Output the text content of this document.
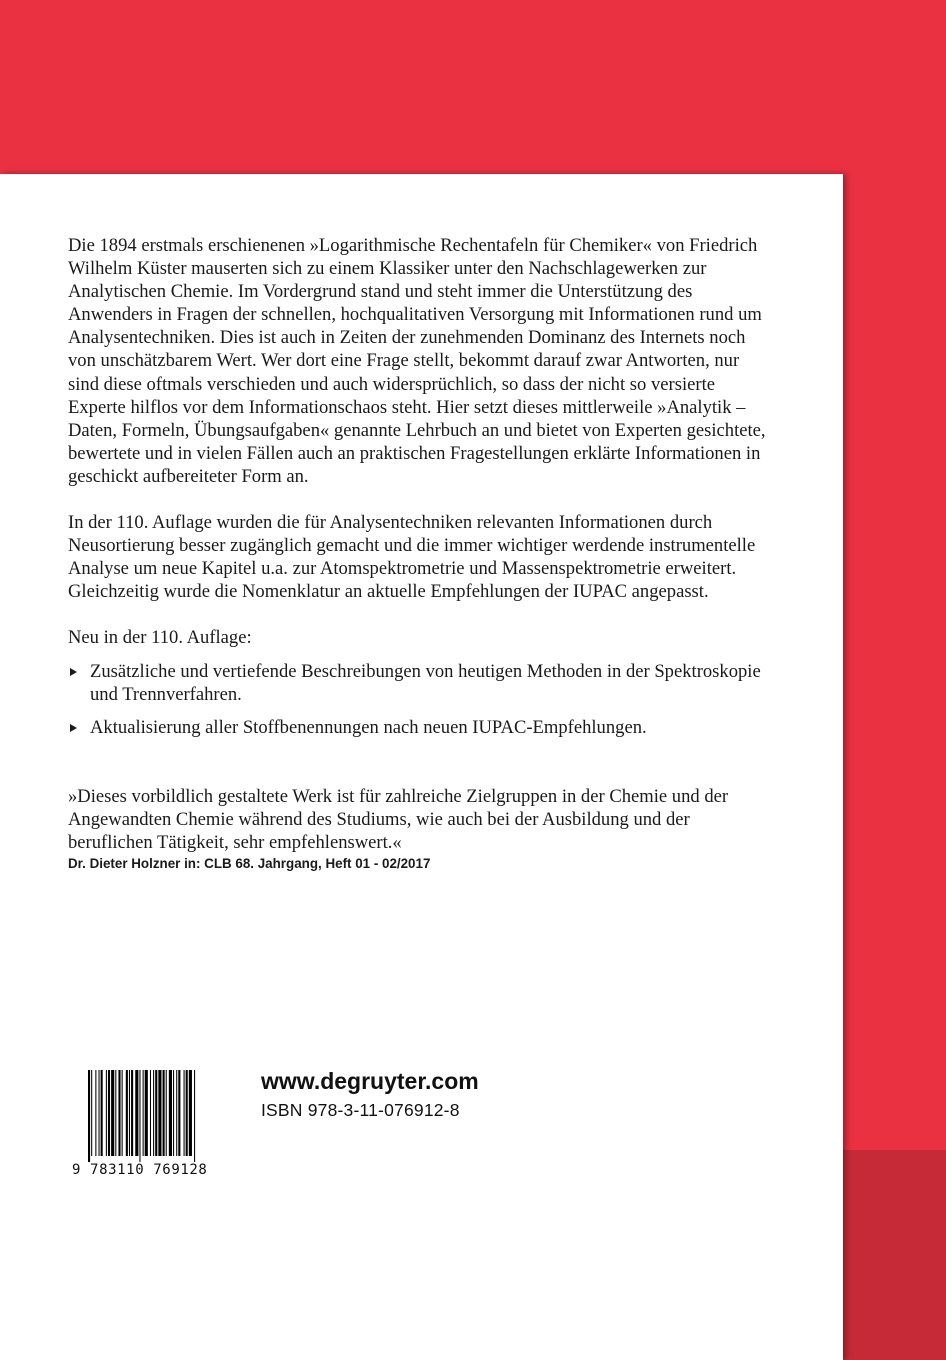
Die 1894 erstmals erschienenen »Logarithmische Rechentafeln für Chemiker« von Friedrich Wilhelm Küster mauserten sich zu einem Klassiker unter den Nachschlagewerken zur Analytischen Chemie. Im Vordergrund stand und steht immer die Unterstützung des Anwenders in Fragen der schnellen, hochqualitativen Versorgung mit Informationen rund um Analysentechniken. Dies ist auch in Zeiten der zunehmenden Dominanz des Internets noch von unschätzbarem Wert. Wer dort eine Frage stellt, bekommt darauf zwar Antworten, nur sind diese oftmals verschieden und auch widersprüchlich, so dass der nicht so versierte Experte hilflos vor dem Informationschaos steht. Hier setzt dieses mittlerweile »Analytik – Daten, Formeln, Übungsaufgaben« genannte Lehrbuch an und bietet von Experten gesichtete, bewertete und in vielen Fällen auch an praktischen Fragestellungen erklärte Informationen in geschickt aufbereiteter Form an.

In der 110. Auflage wurden die für Analysentechniken relevanten Informationen durch Neusortierung besser zugänglich gemacht und die immer wichtiger werdende instrumentelle Analyse um neue Kapitel u.a. zur Atomspektrometrie und Massenspektrometrie erweitert. Gleichzeitig wurde die Nomenklatur an aktuelle Empfehlungen der IUPAC angepasst.

Neu in der 110. Auflage:

Zusätzliche und vertiefende Beschreibungen von heutigen Methoden in der Spektroskopie und Trennverfahren.
Aktualisierung aller Stoffbenennungen nach neuen IUPAC-Empfehlungen.

»Dieses vorbildlich gestaltete Werk ist für zahlreiche Zielgruppen in der Chemie und der Angewandten Chemie während des Studiums, wie auch bei der Ausbildung und der beruflichen Tätigkeit, sehr empfehlenswert.«

Dr. Dieter Holzner in: CLB 68. Jahrgang, Heft 01 - 02/2017

9 783110 769128
www.degruyter.com
ISBN 978-3-11-076912-8
